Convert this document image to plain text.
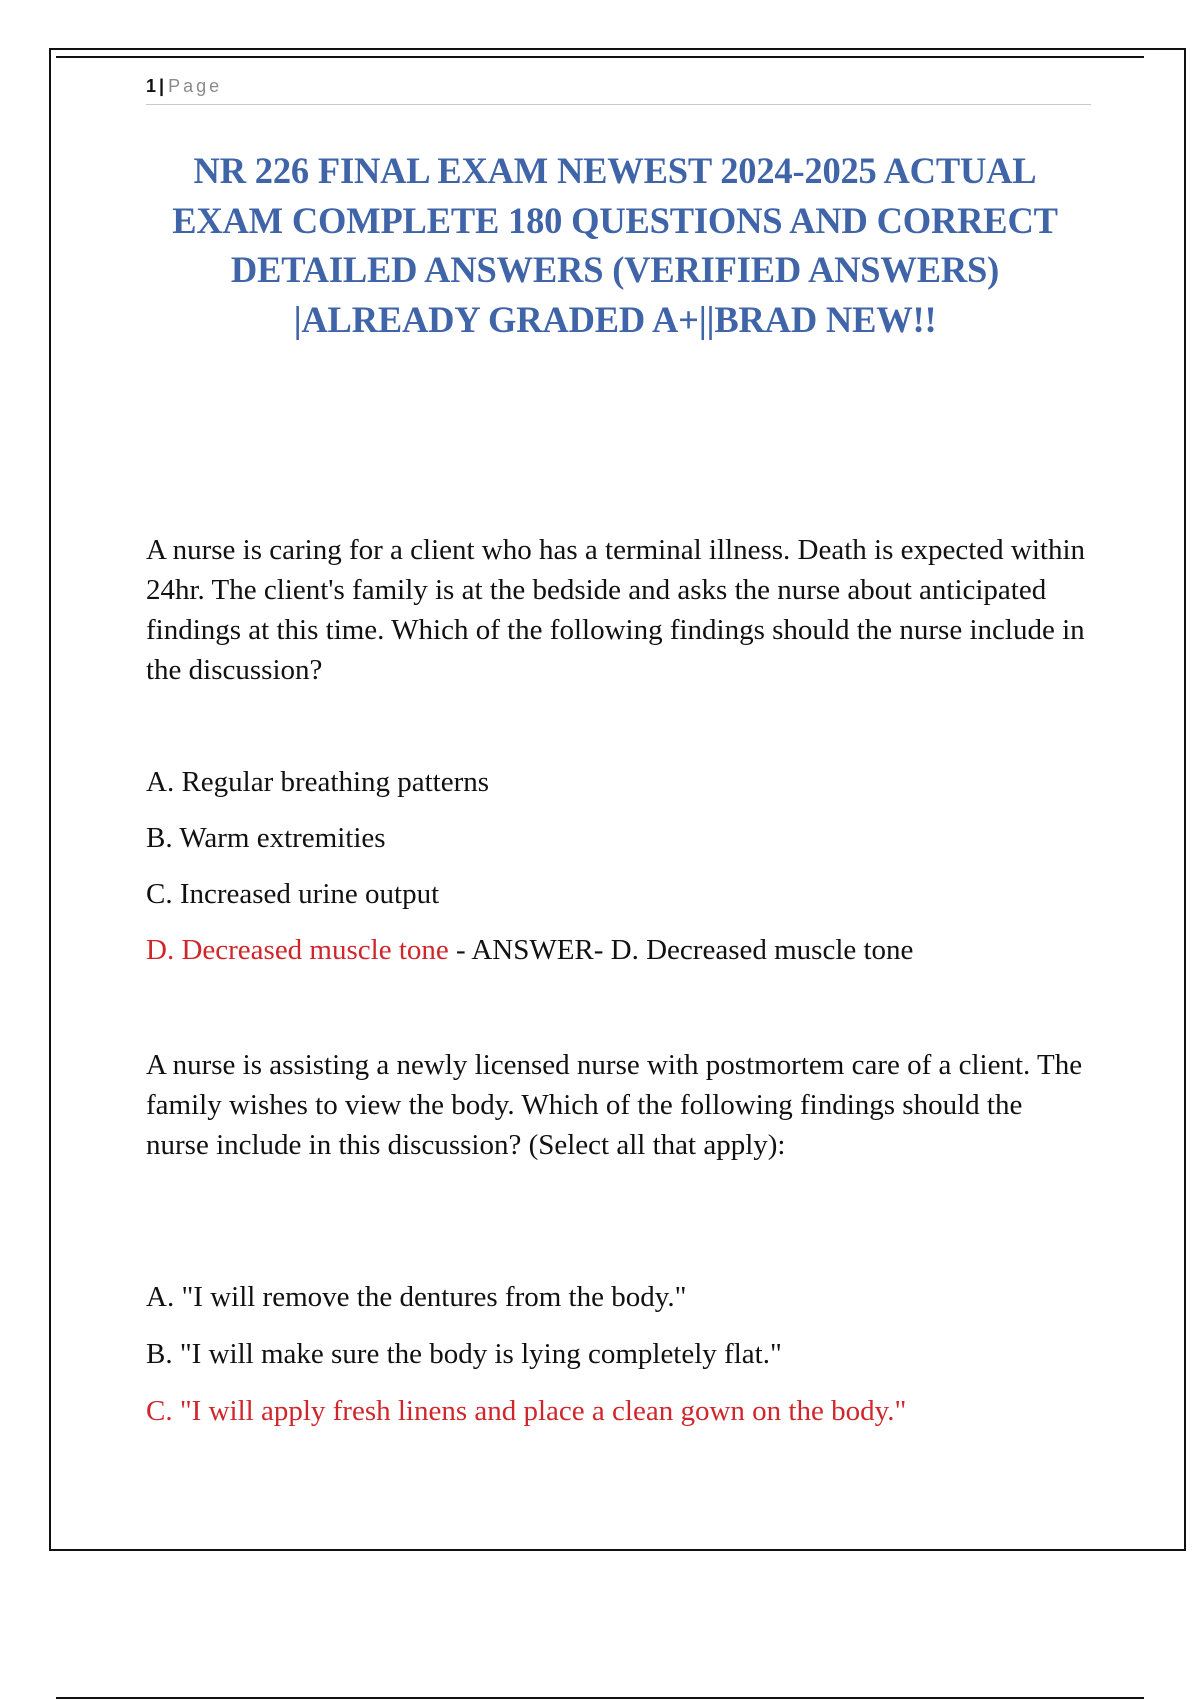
1 | Page
NR 226 FINAL EXAM NEWEST 2024-2025 ACTUAL EXAM COMPLETE 180 QUESTIONS AND CORRECT DETAILED ANSWERS (VERIFIED ANSWERS) |ALREADY GRADED A+||BRAD NEW!!

A nurse is caring for a client who has a terminal illness. Death is expected within 24hr. The client's family is at the bedside and asks the nurse about anticipated findings at this time. Which of the following findings should the nurse include in the discussion?

A. Regular breathing patterns

B. Warm extremities

C. Increased urine output

D. Decreased muscle tone - ANSWER- D. Decreased muscle tone

A nurse is assisting a newly licensed nurse with postmortem care of a client. The family wishes to view the body. Which of the following findings should the nurse include in this discussion? (Select all that apply):

A. "I will remove the dentures from the body."

B. "I will make sure the body is lying completely flat."

C. "I will apply fresh linens and place a clean gown on the body."
